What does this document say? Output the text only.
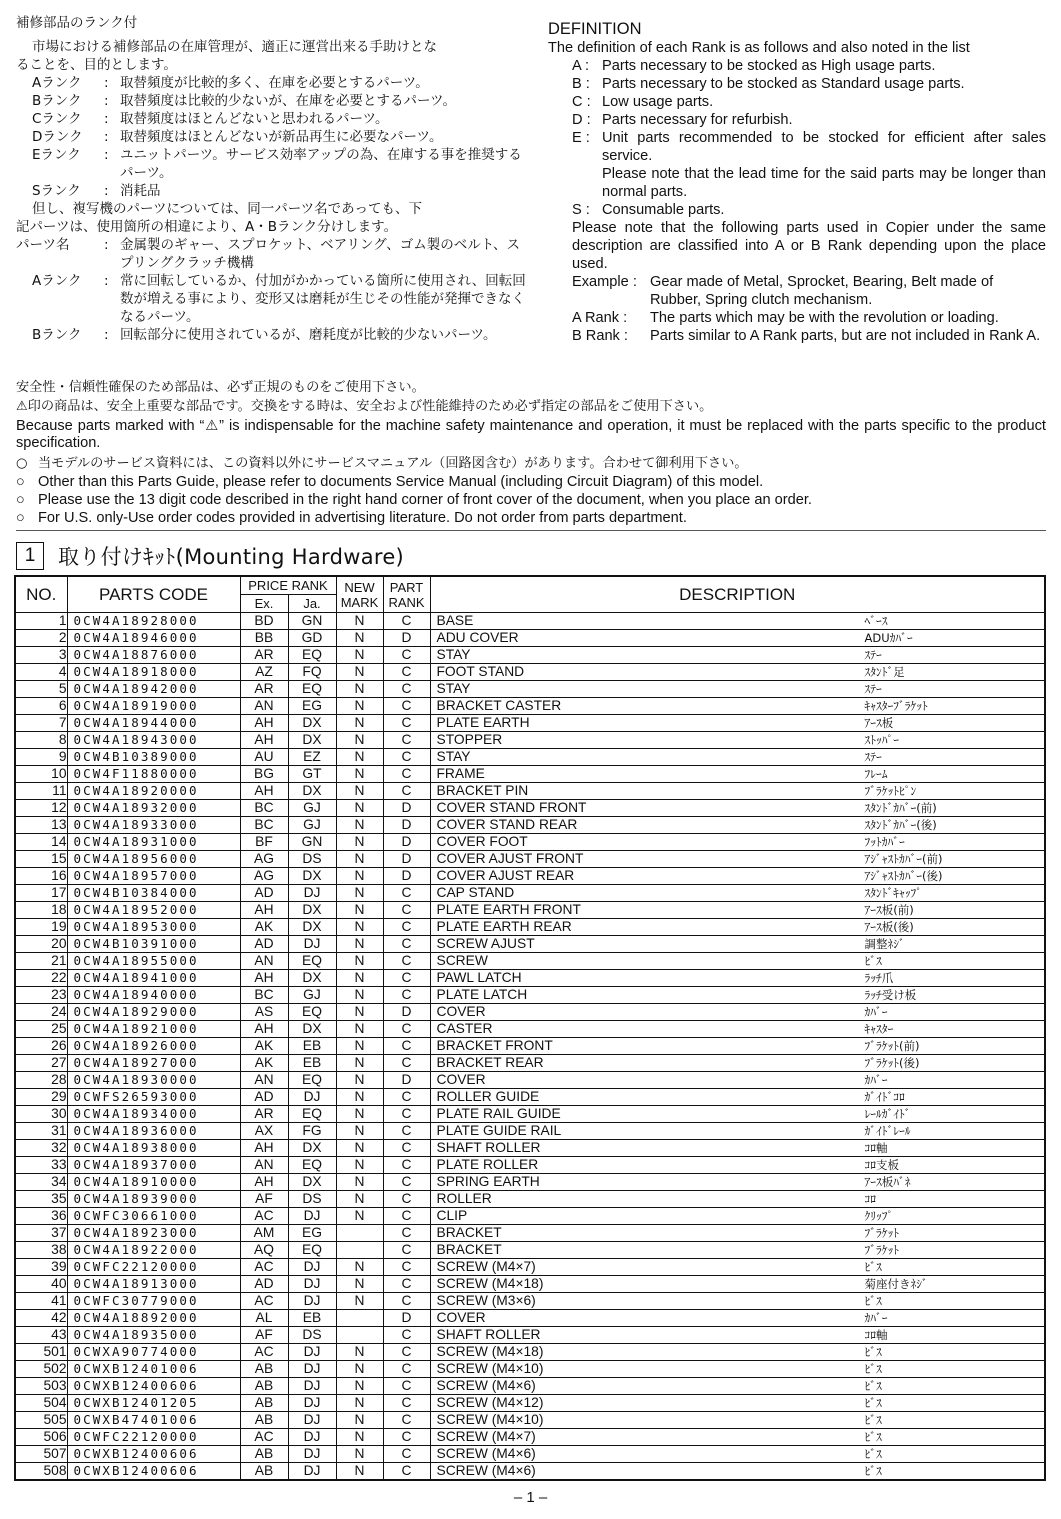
補修部品のランク付
市場における補修部品の在庫管理が、適正に運営出来る手助けとな
ることを、目的とします。
Aランク	: 取替頻度が比較的多く、在庫を必要とするパーツ。
Bランク	: 取替頻度は比較的少ないが、在庫を必要とするパーツ。
Cランク	: 取替頻度はほとんどないと思われるパーツ。
Dランク	: 取替頻度はほとんどないが新品再生に必要なパーツ。
Eランク	: ユニットパーツ。サービス効率アップの為、在庫する事を推奨するパーツ。
Sランク	: 消耗品
但し、複写機のパーツについては、同一パーツ名であっても、下
記パーツは、使用箇所の相違により、A・Bランク分けします。
パーツ名	: 金属製のギャー、スプロケット、ベアリング、ゴム製のベルト、スプリングクラッチ機構
Aランク	: 常に回転しているか、付加がかかっている箇所に使用され、回転回数が増える事により、変形又は磨耗が生じその性能が発揮できなくなるパーツ。
Bランク	: 回転部分に使用されているが、磨耗度が比較的少ないパーツ。
DEFINITION
The definition of each Rank is as follows and also noted in the list
A : Parts necessary to be stocked as High usage parts.
B : Parts necessary to be stocked as Standard usage parts.
C : Low usage parts.
D : Parts necessary for refurbish.
E : Unit parts recommended to be stocked for efficient after sales service.
Please note that the lead time for the said parts may be longer than normal parts.
S : Consumable parts.
Please note that the following parts used in Copier under the same description are classified into A or B Rank depending upon the place used.
Example : Gear made of Metal, Sprocket, Bearing, Belt made of Rubber, Spring clutch mechanism.
A Rank :	The parts which may be with the revolution or loading.
B Rank :	Parts similar to A Rank parts, but are not included in Rank A.
安全性・信頼性確保のため部品は、必ず正規のものをご使用下さい。
⚠印の商品は、安全上重要な部品です。交換をする時は、安全および性能維持のため必ず指定の部品をご使用下さい。
Because parts marked with “⚠” is indispensable for the machine safety maintenance and operation, it must be replaced with the parts specific to the product specification.
○ 当モデルのサービス資料には、この資料以外にサービスマニュアル（回路図含む）があります。合わせて御利用下さい。
○ Other than this Parts Guide, please refer to documents Service Manual (including Circuit Diagram) of this model.
○ Please use the 13 digit code described in the right hand corner of front cover of the document, when you place an order.
○ For U.S. only-Use order codes provided in advertising literature. Do not order from parts department.
1	取り付けｷｯﾄ(Mounting Hardware)
NO.	PARTS CODE	PRICE RANK		NEW MARK	PART RANK	DESCRIPTION
		Ex.	Ja.			
1	0CW4A18928000	BD	GN	N	C	BASE ﾍﾞｰｽ

2	0CW4A18946000	BB	GD	N	D	ADU COVER ADUｶﾊﾞｰ

3	0CW4A18876000	AR	EQ	N	C	STAY ｽﾃｰ

4	0CW4A18918000	AZ	FQ	N	C	FOOT STAND ｽﾀﾝﾄﾞ足

5	0CW4A18942000	AR	EQ	N	C	STAY ｽﾃｰ

6	0CW4A18919000	AN	EG	N	C	BRACKET CASTER ｷｬｽﾀｰﾌﾞﾗｹｯﾄ

7	0CW4A18944000	AH	DX	N	C	PLATE EARTH ｱｰｽ板

8	0CW4A18943000	AH	DX	N	C	STOPPER ｽﾄｯﾊﾟｰ

9	0CW4B10389000	AU	EZ	N	C	STAY ｽﾃｰ

10	0CW4F11880000	BG	GT	N	C	FRAME ﾌﾚｰﾑ

11	0CW4A18920000	AH	DX	N	C	BRACKET PIN ﾌﾞﾗｹｯﾄﾋﾟﾝ

12	0CW4A18932000	BC	GJ	N	D	COVER STAND FRONT ｽﾀﾝﾄﾞｶﾊﾞｰ(前)

13	0CW4A18933000	BC	GJ	N	D	COVER STAND REAR ｽﾀﾝﾄﾞｶﾊﾞｰ(後)

14	0CW4A18931000	BF	GN	N	D	COVER FOOT ﾌｯﾄｶﾊﾞｰ

15	0CW4A18956000	AG	DS	N	D	COVER AJUST FRONT ｱｼﾞｬｽﾄｶﾊﾞｰ(前)

16	0CW4A18957000	AG	DX	N	D	COVER AJUST REAR ｱｼﾞｬｽﾄｶﾊﾞｰ(後)

17	0CW4B10384000	AD	DJ	N	C	CAP STAND ｽﾀﾝﾄﾞｷｬｯﾌﾟ

18	0CW4A18952000	AH	DX	N	C	PLATE EARTH FRONT ｱｰｽ板(前)

19	0CW4A18953000	AK	DX	N	C	PLATE EARTH REAR ｱｰｽ板(後)

20	0CW4B10391000	AD	DJ	N	C	SCREW AJUST 調整ﾈｼﾞ

21	0CW4A18955000	AN	EQ	N	C	SCREW ﾋﾞｽ

22	0CW4A18941000	AH	DX	N	C	PAWL LATCH ﾗｯﾁ爪

23	0CW4A18940000	BC	GJ	N	C	PLATE LATCH ﾗｯﾁ受け板

24	0CW4A18929000	AS	EQ	N	D	COVER ｶﾊﾞｰ

25	0CW4A18921000	AH	DX	N	C	CASTER ｷｬｽﾀｰ

26	0CW4A18926000	AK	EB	N	C	BRACKET FRONT ﾌﾞﾗｹｯﾄ(前)

27	0CW4A18927000	AK	EB	N	C	BRACKET REAR ﾌﾞﾗｹｯﾄ(後)

28	0CW4A18930000	AN	EQ	N	D	COVER ｶﾊﾞｰ

29	0CWFS26593000	AD	DJ	N	C	ROLLER GUIDE ｶﾞｲﾄﾞｺﾛ

30	0CW4A18934000	AR	EQ	N	C	PLATE RAIL GUIDE ﾚｰﾙｶﾞｲﾄﾞ

31	0CW4A18936000	AX	FG	N	C	PLATE GUIDE RAIL ｶﾞｲﾄﾞﾚｰﾙ

32	0CW4A18938000	AH	DX	N	C	SHAFT ROLLER ｺﾛ軸

33	0CW4A18937000	AN	EQ	N	C	PLATE ROLLER ｺﾛ支板

34	0CW4A18910000	AH	DX	N	C	SPRING EARTH ｱｰｽ板ﾊﾞﾈ

35	0CW4A18939000	AF	DS	N	C	ROLLER ｺﾛ

36	0CWFC30661000	AC	DJ	N	C	CLIP ｸﾘｯﾌﾟ

37	0CW4A18923000	AM	EG		C	BRACKET ﾌﾞﾗｹｯﾄ

38	0CW4A18922000	AQ	EQ		C	BRACKET ﾌﾞﾗｹｯﾄ

39	0CWFC22120000	AC	DJ	N	C	SCREW (M4×7) ﾋﾞｽ

40	0CW4A18913000	AD	DJ	N	C	SCREW (M4×18) 菊座付きﾈｼﾞ

41	0CWFC30779000	AC	DJ	N	C	SCREW (M3×6) ﾋﾞｽ

42	0CW4A18892000	AL	EB		D	COVER ｶﾊﾞｰ

43	0CW4A18935000	AF	DS		C	SHAFT ROLLER ｺﾛ軸

501	0CWXA90774000	AC	DJ	N	C	SCREW (M4×18) ﾋﾞｽ

502	0CWXB12401006	AB	DJ	N	C	SCREW (M4×10) ﾋﾞｽ

503	0CWXB12400606	AB	DJ	N	C	SCREW (M4×6) ﾋﾞｽ

504	0CWXB12401205	AB	DJ	N	C	SCREW (M4×12) ﾋﾞｽ

505	0CWXB47401006	AB	DJ	N	C	SCREW (M4×10) ﾋﾞｽ

506	0CWFC22120000	AC	DJ	N	C	SCREW (M4×7) ﾋﾞｽ

507	0CWXB12400606	AB	DJ	N	C	SCREW (M4×6) ﾋﾞｽ

508	0CWXB12400606	AB	DJ	N	C	SCREW (M4×6) ﾋﾞｽ
– 1 –
